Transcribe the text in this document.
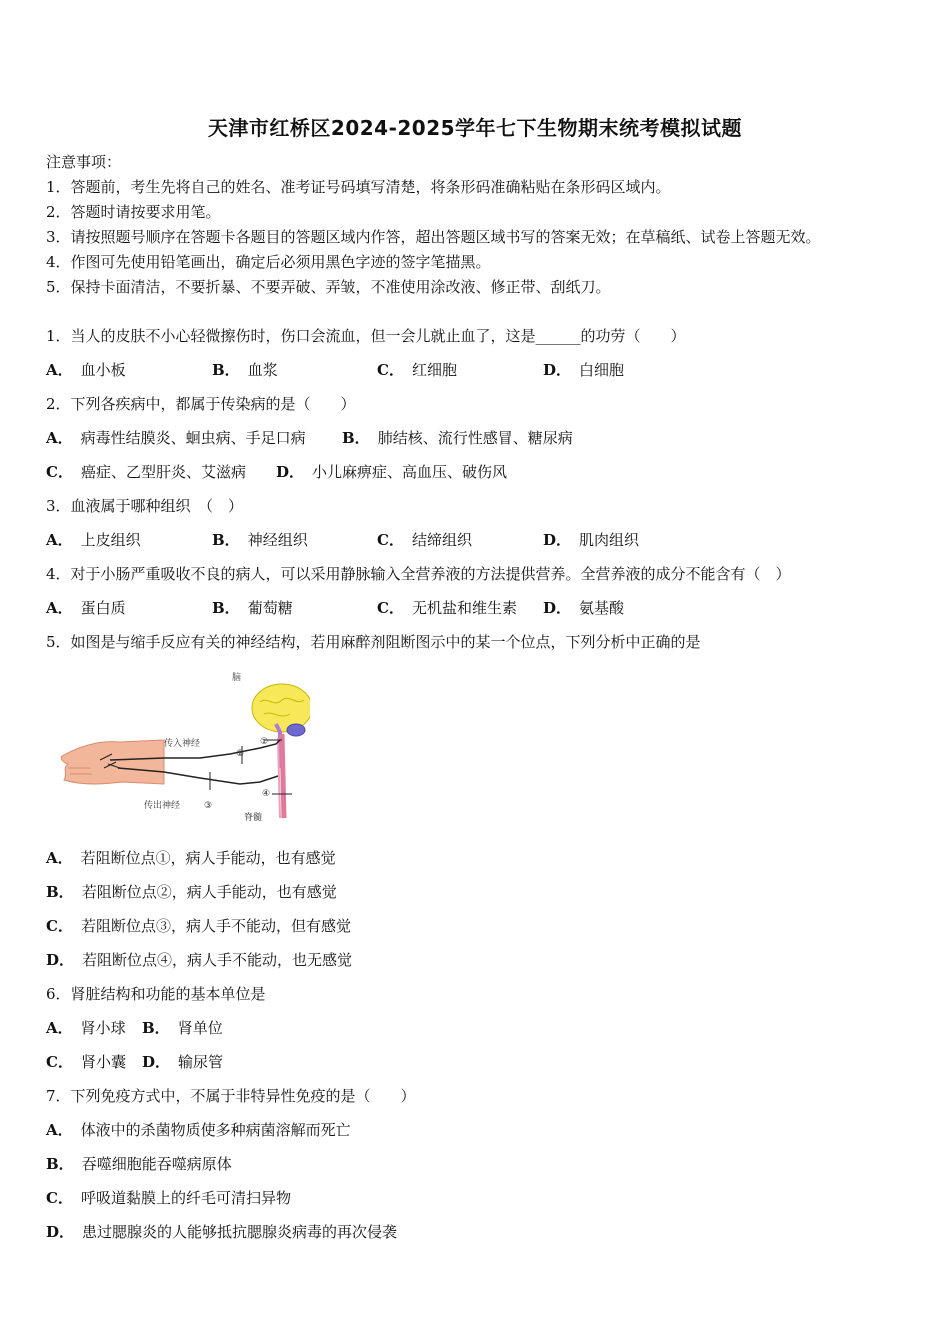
天津市红桥区2024-2025学年七下生物期末统考模拟试题
注意事项：
1．答题前，考生先将自己的姓名、准考证号码填写清楚，将条形码准确粘贴在条形码区域内。
2．答题时请按要求用笔。
3．请按照题号顺序在答题卡各题目的答题区域内作答，超出答题区域书写的答案无效；在草稿纸、试卷上答题无效。
4．作图可先使用铅笔画出，确定后必须用黑色字迹的签字笔描黑。
5．保持卡面清洁，不要折暴、不要弄破、弄皱，不准使用涂改液、修正带、刮纸刀。
1．当人的皮肤不小心轻微擦伤时，伤口会流血，但一会儿就止血了，这是______的功劳（　　）
A． 血小板	B． 血浆	C． 红细胞	D． 白细胞
2．下列各疾病中，都属于传染病的是（　　）
A． 病毒性结膜炎、蛔虫病、手足口病 B． 肺结核、流行性感冒、糖尿病
C． 癌症、乙型肝炎、艾滋病 D． 小儿麻痹症、高血压、破伤风
3．血液属于哪种组织　（　）
A． 上皮组织	B． 神经组织	C． 结缔组织	D． 肌肉组织
4．对于小肠严重吸收不良的病人，可以采用静脉输入全营养液的方法提供营养。全营养液的成分不能含有（　）
A． 蛋白质	B． 葡萄糖	C． 无机盐和维生素 D． 氨基酸
5．如图是与缩手反应有关的神经结构，若用麻醉剂阻断图示中的某一个位点，下列分析中正确的是
脑
传入神经
传出神经
脊髓
①
②
③
④
A． 若阻断位点①，病人手能动，也有感觉
B． 若阻断位点②，病人手能动，也有感觉
C． 若阻断位点③，病人手不能动，但有感觉
D． 若阻断位点④，病人手不能动，也无感觉
6．肾脏结构和功能的基本单位是
A． 肾小球 B． 肾单位
C． 肾小囊 D． 输尿管
7．下列免疫方式中，不属于非特异性免疫的是（　　）
A． 体液中的杀菌物质使多种病菌溶解而死亡
B． 吞噬细胞能吞噬病原体
C． 呼吸道黏膜上的纤毛可清扫异物
D． 患过腮腺炎的人能够抵抗腮腺炎病毒的再次侵袭
